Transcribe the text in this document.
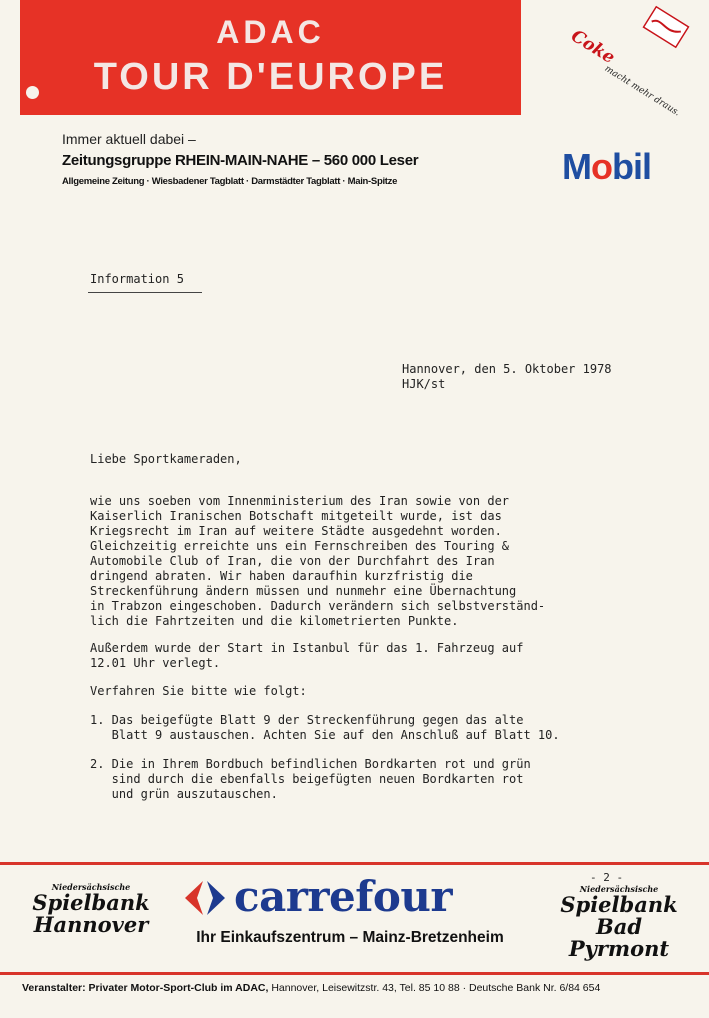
ADAC
TOUR D'EUROPE
Coke
macht mehr draus.
Immer aktuell dabei –
Zeitungsgruppe RHEIN-MAIN-NAHE – 560 000 Leser
Allgemeine Zeitung · Wiesbadener Tagblatt · Darmstädter Tagblatt · Main-Spitze	Mobil
Information 5
Hannover, den 5. Oktober 1978
HJK/st
Liebe Sportkameraden,
wie uns soeben vom Innenministerium des Iran sowie von der
Kaiserlich Iranischen Botschaft mitgeteilt wurde, ist das
Kriegsrecht im Iran auf weitere Städte ausgedehnt worden.
Gleichzeitig erreichte uns ein Fernschreiben des Touring &
Automobile Club of Iran, die von der Durchfahrt des Iran
dringend abraten. Wir haben daraufhin kurzfristig die
Streckenführung ändern müssen und nunmehr eine Übernachtung
in Trabzon eingeschoben. Dadurch verändern sich selbstverständ-
lich die Fahrtzeiten und die kilometrierten Punkte.
Außerdem wurde der Start in Istanbul für das 1. Fahrzeug auf
12.01 Uhr verlegt.
Verfahren Sie bitte wie folgt:
1. Das beigefügte Blatt 9 der Streckenführung gegen das alte
Blatt 9 austauschen. Achten Sie auf den Anschluß auf Blatt 10.
2. Die in Ihrem Bordbuch befindlichen Bordkarten rot und grün
sind durch die ebenfalls beigefügten neuen Bordkarten rot
und grün auszutauschen.
Niedersächsische
Spielbank
Hannover
carrefour
Ihr Einkaufszentrum – Mainz-Bretzenheim
- 2 -
Niedersächsische
Spielbank
Bad Pyrmont
Veranstalter: Privater Motor-Sport-Club im ADAC, Hannover, Leisewitzstr. 43, Tel. 85 10 88 · Deutsche Bank Nr. 6/84 654
